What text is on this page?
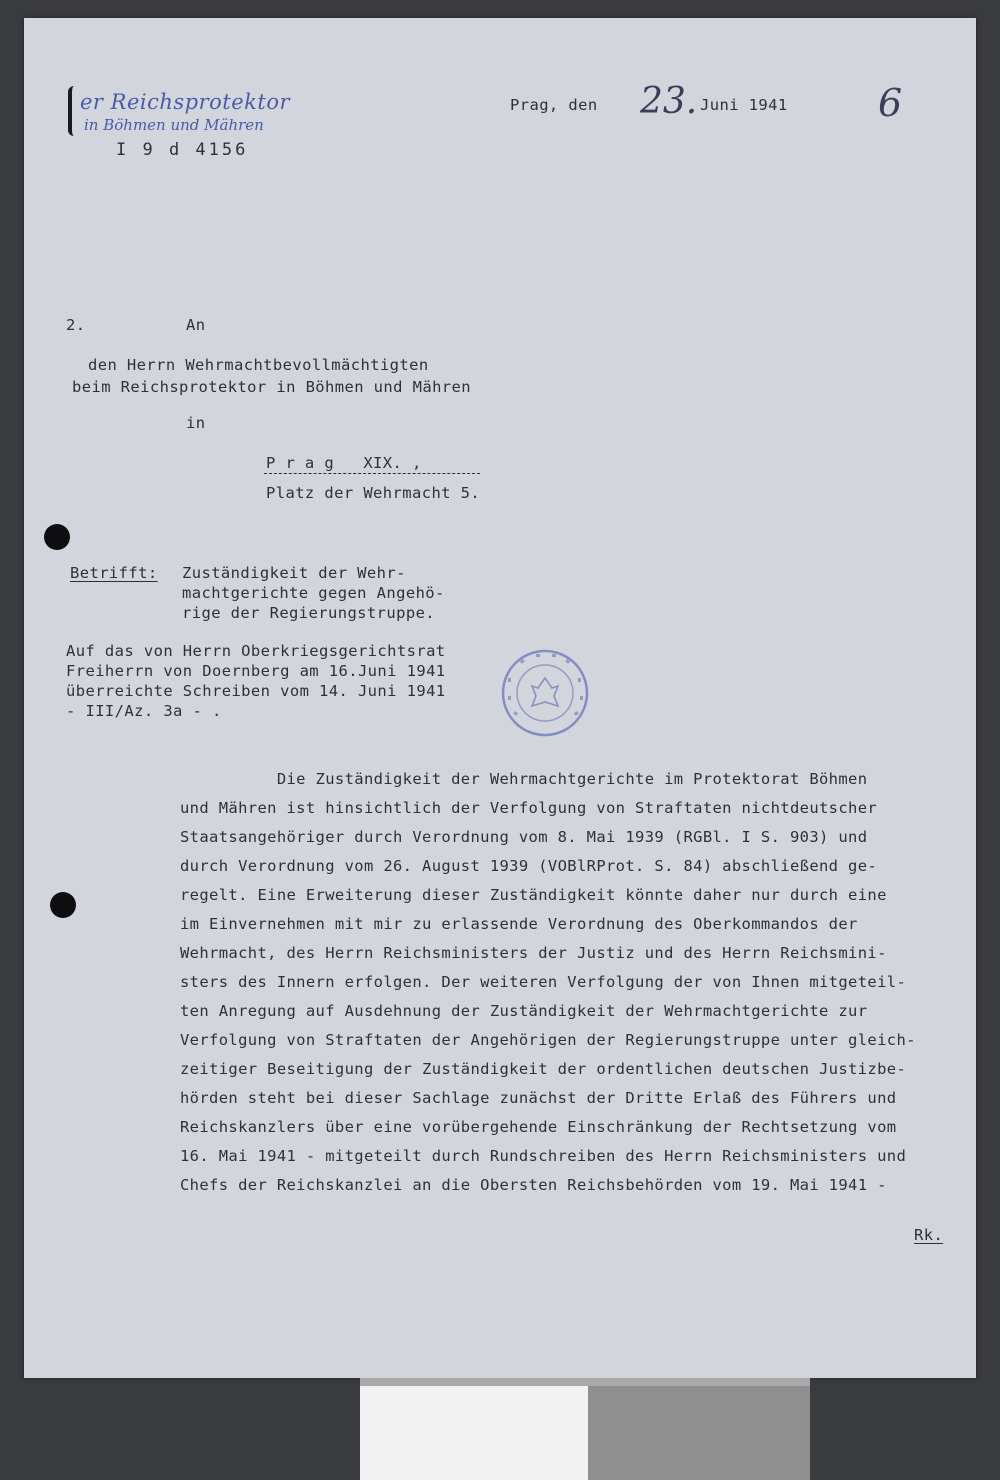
er Reichsprotektor
in Böhmen und Mähren
I 9 d 4156
Prag, den 23. Juni 1941 6
2.	An
den Herrn Wehrmachtbevollmächtigten
beim Reichsprotektor in Böhmen und Mähren
in
P r a g   XIX. ,
Platz der Wehrmacht 5.
Betrifft: Zuständigkeit der Wehr-
machtgerichte gegen Angehö-
rige der Regierungstruppe.
Auf das von Herrn Oberkriegsgerichtsrat
Freiherrn von Doernberg am 16.Juni 1941
überreichte Schreiben vom 14. Juni 1941
- III/Az. 3a - .
Die Zuständigkeit der Wehrmachtgerichte im Protektorat Böhmen
und Mähren ist hinsichtlich der Verfolgung von Straftaten nichtdeutscher
Staatsangehöriger durch Verordnung vom 8. Mai 1939 (RGBl. I S. 903) und
durch Verordnung vom 26. August 1939 (VOBlRProt. S. 84) abschließend ge-
regelt. Eine Erweiterung dieser Zuständigkeit könnte daher nur durch eine
im Einvernehmen mit mir zu erlassende Verordnung des Oberkommandos der
Wehrmacht, des Herrn Reichsministers der Justiz und des Herrn Reichsmini-
sters des Innern erfolgen. Der weiteren Verfolgung der von Ihnen mitgeteil-
ten Anregung auf Ausdehnung der Zuständigkeit der Wehrmachtgerichte zur
Verfolgung von Straftaten der Angehörigen der Regierungstruppe unter gleich-
zeitiger Beseitigung der Zuständigkeit der ordentlichen deutschen Justizbe-
hörden steht bei dieser Sachlage zunächst der Dritte Erlaß des Führers und
Reichskanzlers über eine vorübergehende Einschränkung der Rechtsetzung vom
16. Mai 1941 - mitgeteilt durch Rundschreiben des Herrn Reichsministers und
Chefs der Reichskanzlei an die Obersten Reichsbehörden vom 19. Mai 1941 -
Rk.
